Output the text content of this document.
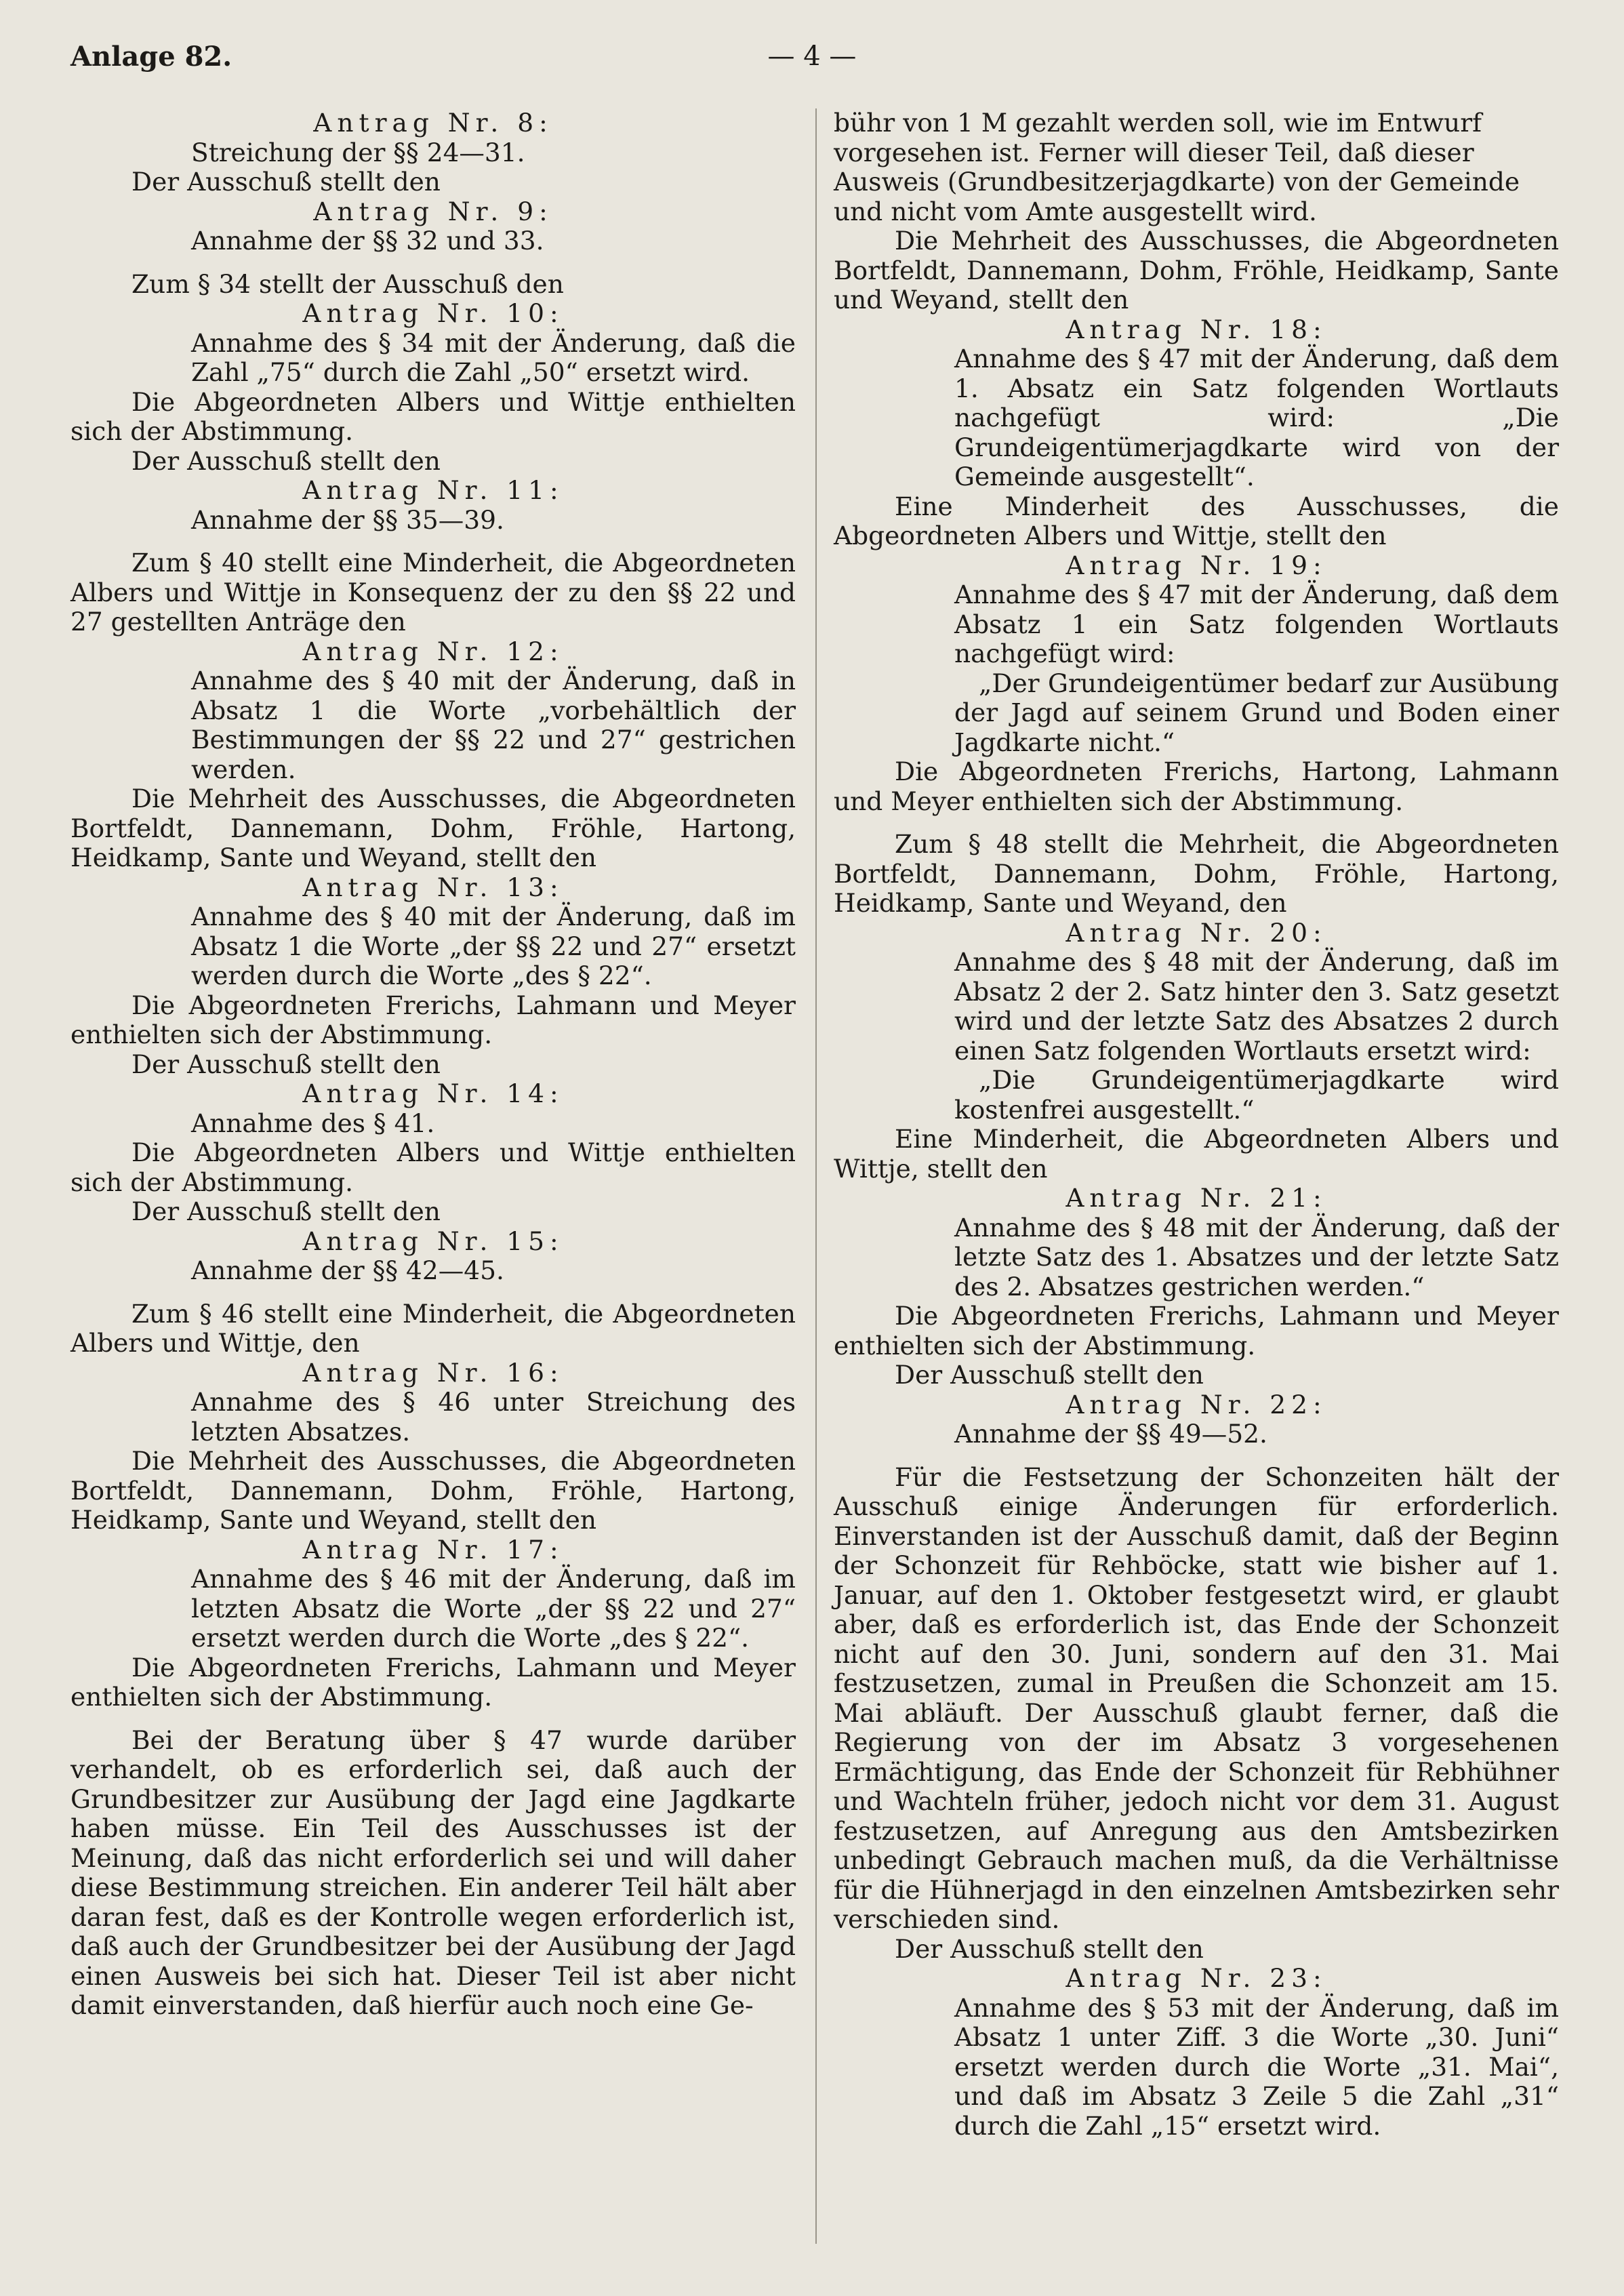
Anlage 82.	— 4 —

Antrag Nr. 8:

Streichung der §§ 24—31.

Der Ausschuß stellt den

Antrag Nr. 9:

Annahme der §§ 32 und 33.

Zum § 34 stellt der Ausschuß den

Antrag Nr. 10:

Annahme des § 34 mit der Änderung, daß die Zahl „75“ durch die Zahl „50“ ersetzt wird.

Die Abgeordneten Albers und Wittje enthielten sich der Abstimmung.

Der Ausschuß stellt den

Antrag Nr. 11:

Annahme der §§ 35—39.

Zum § 40 stellt eine Minderheit, die Abgeordneten Albers und Wittje in Konsequenz der zu den §§ 22 und 27 gestellten Anträge den

Antrag Nr. 12:

Annahme des § 40 mit der Änderung, daß in Absatz 1 die Worte „vorbehältlich der Bestimmungen der §§ 22 und 27“ gestrichen werden.

Die Mehrheit des Ausschusses, die Abgeordneten Bortfeldt, Dannemann, Dohm, Fröhle, Hartong, Heidkamp, Sante und Weyand, stellt den

Antrag Nr. 13:

Annahme des § 40 mit der Änderung, daß im Absatz 1 die Worte „der §§ 22 und 27“ ersetzt werden durch die Worte „des § 22“.

Die Abgeordneten Frerichs, Lahmann und Meyer enthielten sich der Abstimmung.

Der Ausschuß stellt den

Antrag Nr. 14:

Annahme des § 41.

Die Abgeordneten Albers und Wittje enthielten sich der Abstimmung.

Der Ausschuß stellt den

Antrag Nr. 15:

Annahme der §§ 42—45.

Zum § 46 stellt eine Minderheit, die Abgeordneten Albers und Wittje, den

Antrag Nr. 16:

Annahme des § 46 unter Streichung des letzten Absatzes.

Die Mehrheit des Ausschusses, die Abgeordneten Bortfeldt, Dannemann, Dohm, Fröhle, Hartong, Heidkamp, Sante und Weyand, stellt den

Antrag Nr. 17:

Annahme des § 46 mit der Änderung, daß im letzten Absatz die Worte „der §§ 22 und 27“ ersetzt werden durch die Worte „des § 22“.

Die Abgeordneten Frerichs, Lahmann und Meyer enthielten sich der Abstimmung.

Bei der Beratung über § 47 wurde darüber verhandelt, ob es erforderlich sei, daß auch der Grundbesitzer zur Ausübung der Jagd eine Jagdkarte haben müsse. Ein Teil des Ausschusses ist der Meinung, daß das nicht erforderlich sei und will daher diese Bestimmung streichen. Ein anderer Teil hält aber daran fest, daß es der Kontrolle wegen erforderlich ist, daß auch der Grundbesitzer bei der Ausübung der Jagd einen Ausweis bei sich hat. Dieser Teil ist aber nicht damit einverstanden, daß hierfür auch noch eine Ge-

bühr von 1 M gezahlt werden soll, wie im Entwurf vorgesehen ist. Ferner will dieser Teil, daß dieser Ausweis (Grundbesitzerjagdkarte) von der Gemeinde und nicht vom Amte ausgestellt wird.

Die Mehrheit des Ausschusses, die Abgeordneten Bortfeldt, Dannemann, Dohm, Fröhle, Heidkamp, Sante und Weyand, stellt den

Antrag Nr. 18:

Annahme des § 47 mit der Änderung, daß dem 1. Absatz ein Satz folgenden Wortlauts nachgefügt wird: „Die Grundeigentümerjagdkarte wird von der Gemeinde ausgestellt“.

Eine Minderheit des Ausschusses, die Abgeordneten Albers und Wittje, stellt den

Antrag Nr. 19:

Annahme des § 47 mit der Änderung, daß dem Absatz 1 ein Satz folgenden Wortlauts nachgefügt wird:

„Der Grundeigentümer bedarf zur Ausübung der Jagd auf seinem Grund und Boden einer Jagdkarte nicht.“

Die Abgeordneten Frerichs, Hartong, Lahmann und Meyer enthielten sich der Abstimmung.

Zum § 48 stellt die Mehrheit, die Abgeordneten Bortfeldt, Dannemann, Dohm, Fröhle, Hartong, Heidkamp, Sante und Weyand, den

Antrag Nr. 20:

Annahme des § 48 mit der Änderung, daß im Absatz 2 der 2. Satz hinter den 3. Satz gesetzt wird und der letzte Satz des Absatzes 2 durch einen Satz folgenden Wortlauts ersetzt wird:

„Die Grundeigentümerjagdkarte wird kostenfrei ausgestellt.“

Eine Minderheit, die Abgeordneten Albers und Wittje, stellt den

Antrag Nr. 21:

Annahme des § 48 mit der Änderung, daß der letzte Satz des 1. Absatzes und der letzte Satz des 2. Absatzes gestrichen werden.“

Die Abgeordneten Frerichs, Lahmann und Meyer enthielten sich der Abstimmung.

Der Ausschuß stellt den

Antrag Nr. 22:

Annahme der §§ 49—52.

Für die Festsetzung der Schonzeiten hält der Ausschuß einige Änderungen für erforderlich. Einverstanden ist der Ausschuß damit, daß der Beginn der Schonzeit für Rehböcke, statt wie bisher auf 1. Januar, auf den 1. Oktober festgesetzt wird, er glaubt aber, daß es erforderlich ist, das Ende der Schonzeit nicht auf den 30. Juni, sondern auf den 31. Mai festzusetzen, zumal in Preußen die Schonzeit am 15. Mai abläuft. Der Ausschuß glaubt ferner, daß die Regierung von der im Absatz 3 vorgesehenen Ermächtigung, das Ende der Schonzeit für Rebhühner und Wachteln früher, jedoch nicht vor dem 31. August festzusetzen, auf Anregung aus den Amtsbezirken unbedingt Gebrauch machen muß, da die Verhältnisse für die Hühnerjagd in den einzelnen Amtsbezirken sehr verschieden sind.

Der Ausschuß stellt den

Antrag Nr. 23:

Annahme des § 53 mit der Änderung, daß im Absatz 1 unter Ziff. 3 die Worte „30. Juni“ ersetzt werden durch die Worte „31. Mai“, und daß im Absatz 3 Zeile 5 die Zahl „31“ durch die Zahl „15“ ersetzt wird.
